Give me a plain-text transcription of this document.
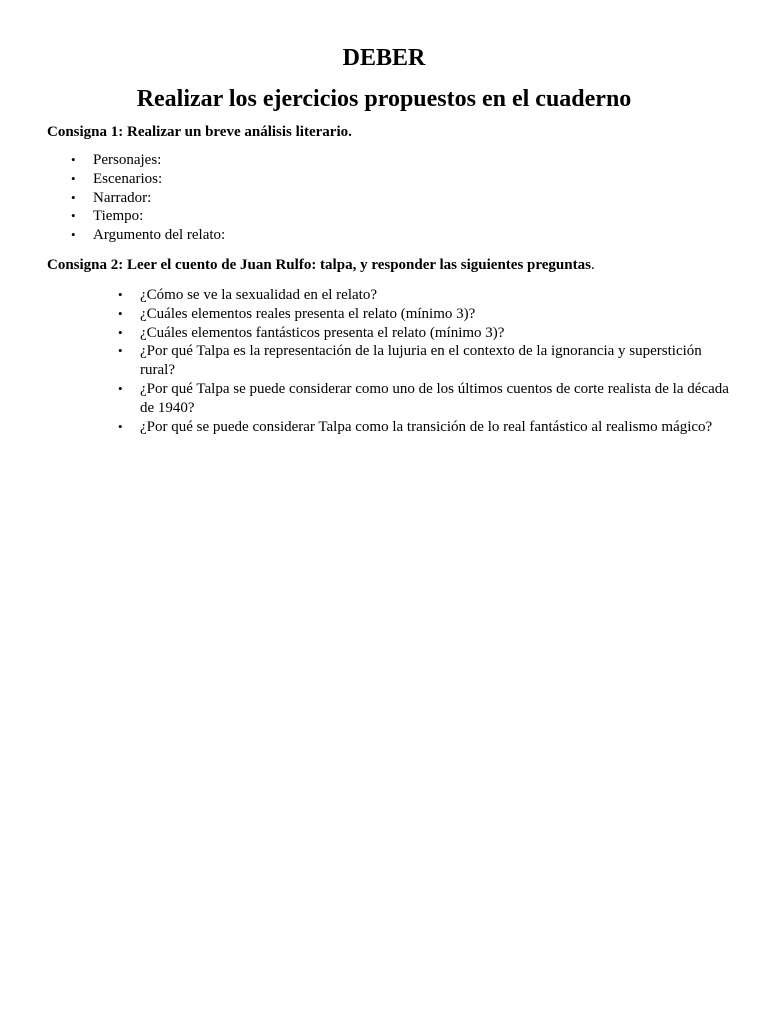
DEBER
Realizar los ejercicios propuestos en el cuaderno

Consigna 1: Realizar un breve análisis literario.

• Personajes:
• Escenarios:
• Narrador:
• Tiempo:
• Argumento del relato:

Consigna 2: Leer el cuento de Juan Rulfo: talpa, y responder las siguientes preguntas.

• ¿Cómo se ve la sexualidad en el relato?
• ¿Cuáles elementos reales presenta el relato (mínimo 3)?
• ¿Cuáles elementos fantásticos presenta el relato (mínimo 3)?
• ¿Por qué Talpa es la representación de la lujuria en el contexto de la ignorancia y superstición rural?
• ¿Por qué Talpa se puede considerar como uno de los últimos cuentos de corte realista de la década de 1940?
• ¿Por qué se puede considerar Talpa como la transición de lo real fantástico al realismo mágico?
